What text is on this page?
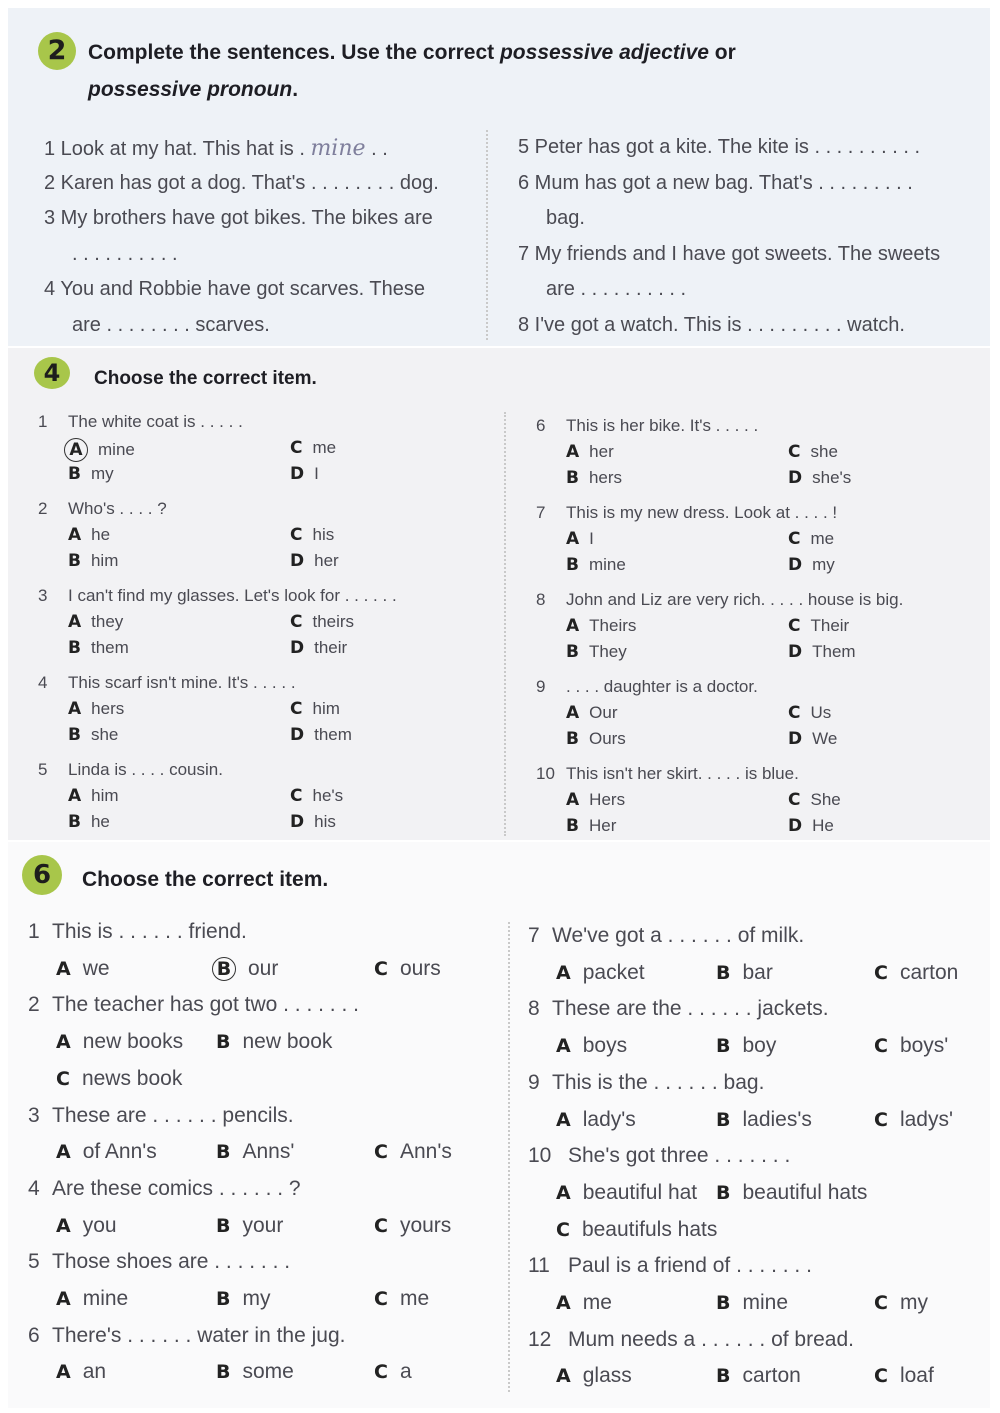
2	Complete the sentences. Use the correct possessive adjective or
possessive pronoun.
1 Look at my hat. This hat is . mine . .
2 Karen has got a dog. That's . . . . . . . . dog.
3 My brothers have got bikes. The bikes are
. . . . . . . . . .
4 You and Robbie have got scarves. These
are . . . . . . . . scarves.
5 Peter has got a kite. The kite is . . . . . . . . . .
6 Mum has got a new bag. That's . . . . . . . . .
bag.
7 My friends and I have got sweets. The sweets
are . . . . . . . . . .
8 I've got a watch. This is . . . . . . . . . watch.
4	Choose the correct item.
1 The white coat is . . . . .
A mine
B my
C me
D I
2 Who's . . . . ?
A he
B him
C his
D her
3 I can't find my glasses. Let's look for . . . . . .
A they
B them
C theirs
D their
4 This scarf isn't mine. It's . . . . .
A hers
B she
C him
D them
5 Linda is . . . . cousin.
A him
B he
C he's
D his
6 This is her bike. It's . . . . .
A her
B hers
C she
D she's
7 This is my new dress. Look at . . . . !
A I
B mine
C me
D my
8 John and Liz are very rich. . . . . house is big.
A Theirs
B They
C Their
D Them
9 . . . . daughter is a doctor.
A Our
B Ours
C Us
D We
10 This isn't her skirt. . . . . is blue.
A Hers
B Her
C She
D He
6	Choose the correct item.
1 This is . . . . . . friend.
A we	B our	C ours
2 The teacher has got two . . . . . . .
A new books B new book
C news book
3 These are . . . . . . pencils.
A of Ann's	B Anns'	C Ann's
4 Are these comics . . . . . . ?
A you	B your	C yours
5 Those shoes are . . . . . . .
A mine	B my	C me
6 There's . . . . . . water in the jug.
A an	B some	C a
7 We've got a . . . . . . of milk.
A packet	B bar	C carton
8 These are the . . . . . . jackets.
A boys	B boy	C boys'
9 This is the . . . . . . bag.
A lady's	B ladies's	C ladys'
10 She's got three . . . . . . .
A beautiful hat B beautiful hats
C beautifuls hats
11 Paul is a friend of . . . . . . .
A me	B mine	C my
12 Mum needs a . . . . . . of bread.
A glass	B carton	C loaf
